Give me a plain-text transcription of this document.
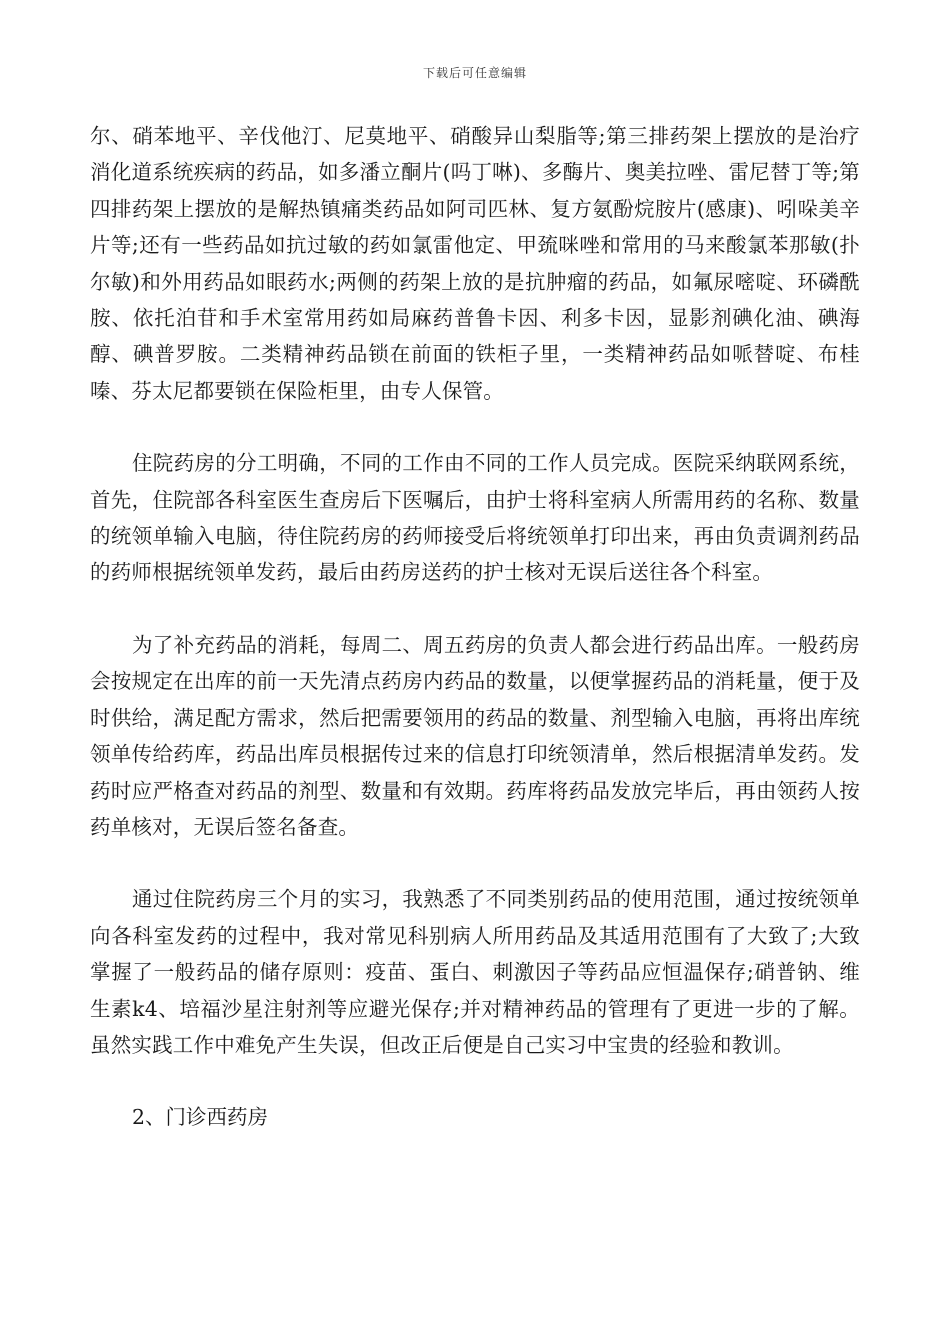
下载后可任意编辑

尔、硝苯地平、辛伐他汀、尼莫地平、硝酸异山梨脂等;第三排药架上摆放的是治疗消化道系统疾病的药品，如多潘立酮片(吗丁啉)、多酶片、奥美拉唑、雷尼替丁等;第四排药架上摆放的是解热镇痛类药品如阿司匹林、复方氨酚烷胺片(感康)、吲哚美辛片等;还有一些药品如抗过敏的药如氯雷他定、甲巯咪唑和常用的马来酸氯苯那敏(扑尔敏)和外用药品如眼药水;两侧的药架上放的是抗肿瘤的药品，如氟尿嘧啶、环磷酰胺、依托泊苷和手术室常用药如局麻药普鲁卡因、利多卡因，显影剂碘化油、碘海醇、碘普罗胺。二类精神药品锁在前面的铁柜子里，一类精神药品如哌替啶、布桂嗪、芬太尼都要锁在保险柜里，由专人保管。

住院药房的分工明确，不同的工作由不同的工作人员完成。医院采纳联网系统，首先，住院部各科室医生查房后下医嘱后，由护士将科室病人所需用药的名称、数量的统领单输入电脑，待住院药房的药师接受后将统领单打印出来，再由负责调剂药品的药师根据统领单发药，最后由药房送药的护士核对无误后送往各个科室。

为了补充药品的消耗，每周二、周五药房的负责人都会进行药品出库。一般药房会按规定在出库的前一天先清点药房内药品的数量，以便掌握药品的消耗量，便于及时供给，满足配方需求，然后把需要领用的药品的数量、剂型输入电脑，再将出库统领单传给药库，药品出库员根据传过来的信息打印统领清单，然后根据清单发药。发药时应严格查对药品的剂型、数量和有效期。药库将药品发放完毕后，再由领药人按药单核对，无误后签名备查。

通过住院药房三个月的实习，我熟悉了不同类别药品的使用范围，通过按统领单向各科室发药的过程中，我对常见科别病人所用药品及其适用范围有了大致了;大致掌握了一般药品的储存原则：疫苗、蛋白、刺激因子等药品应恒温保存;硝普钠、维生素k4、培福沙星注射剂等应避光保存;并对精神药品的管理有了更进一步的了解。虽然实践工作中难免产生失误，但改正后便是自己实习中宝贵的经验和教训。

2、门诊西药房
